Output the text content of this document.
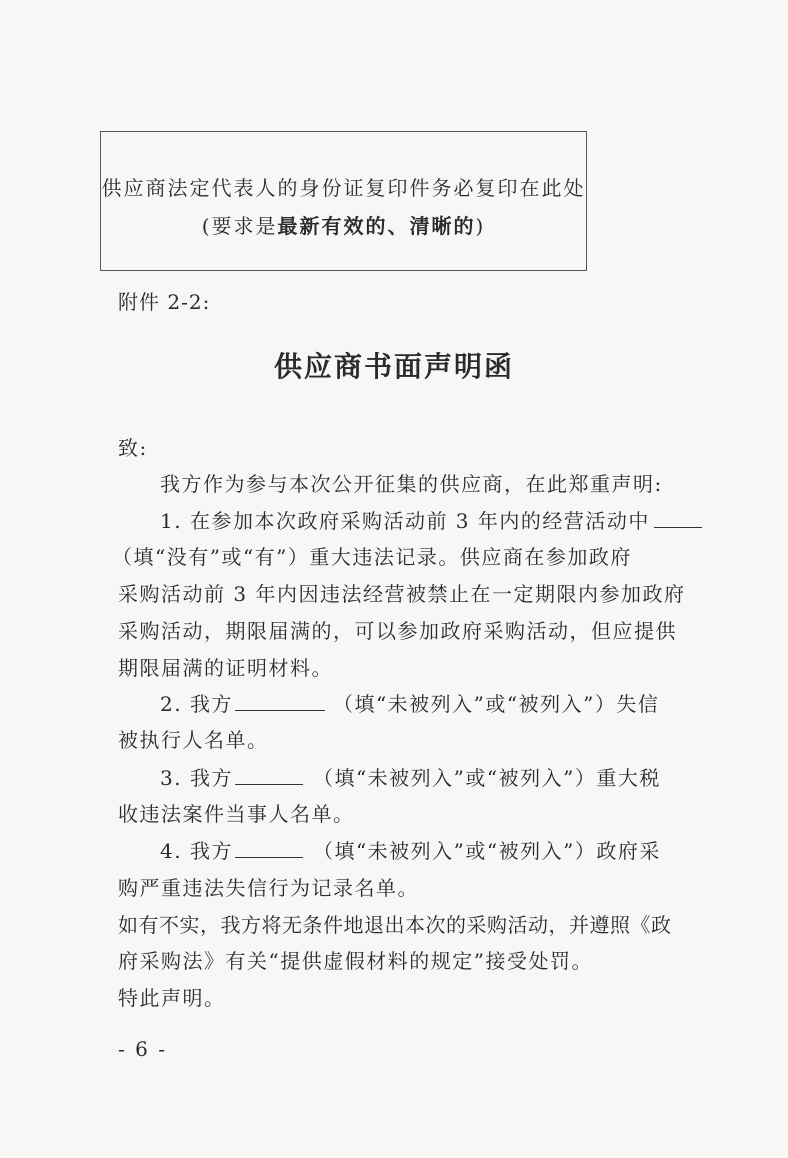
供应商法定代表人的身份证复印件务必复印在此处
(要求是最新有效的、清晰的)
附件 2-2:
供应商书面声明函
致:
我方作为参与本次公开征集的供应商，在此郑重声明:
1. 在参加本次政府采购活动前 3 年内的经营活动中
（填“没有”或“有”）重大违法记录。供应商在参加政府
采购活动前 3 年内因违法经营被禁止在一定期限内参加政府
采购活动，期限届满的，可以参加政府采购活动，但应提供
期限届满的证明材料。
2. 我方	（填“未被列入”或“被列入”）失信
被执行人名单。
3. 我方	（填“未被列入”或“被列入”）重大税
收违法案件当事人名单。
4. 我方	（填“未被列入”或“被列入”）政府采
购严重违法失信行为记录名单。
如有不实，我方将无条件地退出本次的采购活动，并遵照《政
府采购法》有关“提供虚假材料的规定”接受处罚。
特此声明。
- 6 -
